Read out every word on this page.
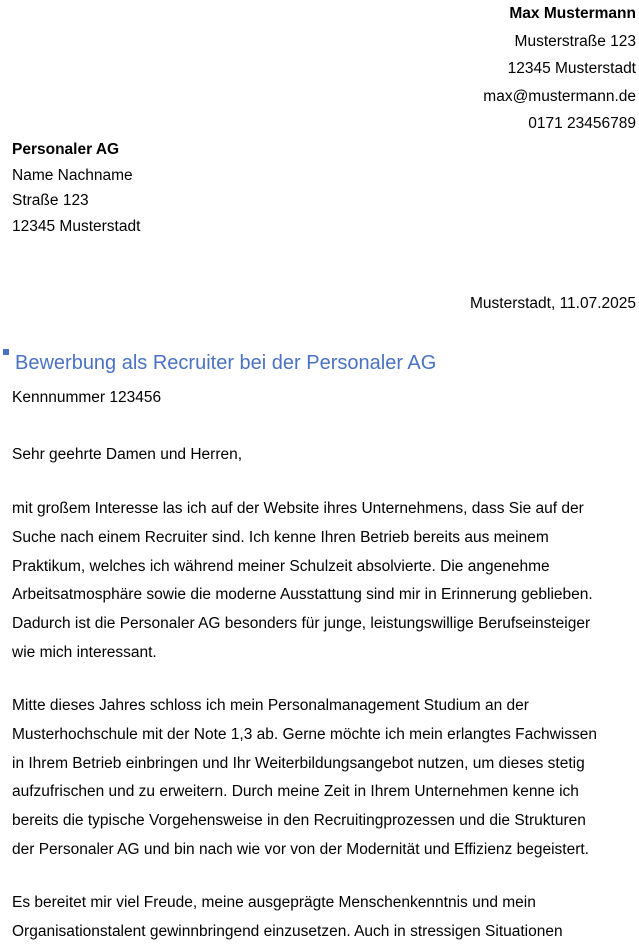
Max Mustermann
Musterstraße 123
12345 Musterstadt
max@mustermann.de
0171 23456789
Personaler AG
Name Nachname
Straße 123
12345 Musterstadt
Musterstadt, 11.07.2025
Bewerbung als Recruiter bei der Personaler AG
Kennnummer 123456
Sehr geehrte Damen und Herren,
mit großem Interesse las ich auf der Website ihres Unternehmens, dass Sie auf der
Suche nach einem Recruiter sind. Ich kenne Ihren Betrieb bereits aus meinem
Praktikum, welches ich während meiner Schulzeit absolvierte. Die angenehme
Arbeitsatmosphäre sowie die moderne Ausstattung sind mir in Erinnerung geblieben.
Dadurch ist die Personaler AG besonders für junge, leistungswillige Berufseinsteiger
wie mich interessant.
Mitte dieses Jahres schloss ich mein Personalmanagement Studium an der
Musterhochschule mit der Note 1,3 ab. Gerne möchte ich mein erlangtes Fachwissen
in Ihrem Betrieb einbringen und Ihr Weiterbildungsangebot nutzen, um dieses stetig
aufzufrischen und zu erweitern. Durch meine Zeit in Ihrem Unternehmen kenne ich
bereits die typische Vorgehensweise in den Recruitingprozessen und die Strukturen
der Personaler AG und bin nach wie vor von der Modernität und Effizienz begeistert.
Es bereitet mir viel Freude, meine ausgeprägte Menschenkenntnis und mein
Organisationstalent gewinnbringend einzusetzen. Auch in stressigen Situationen
